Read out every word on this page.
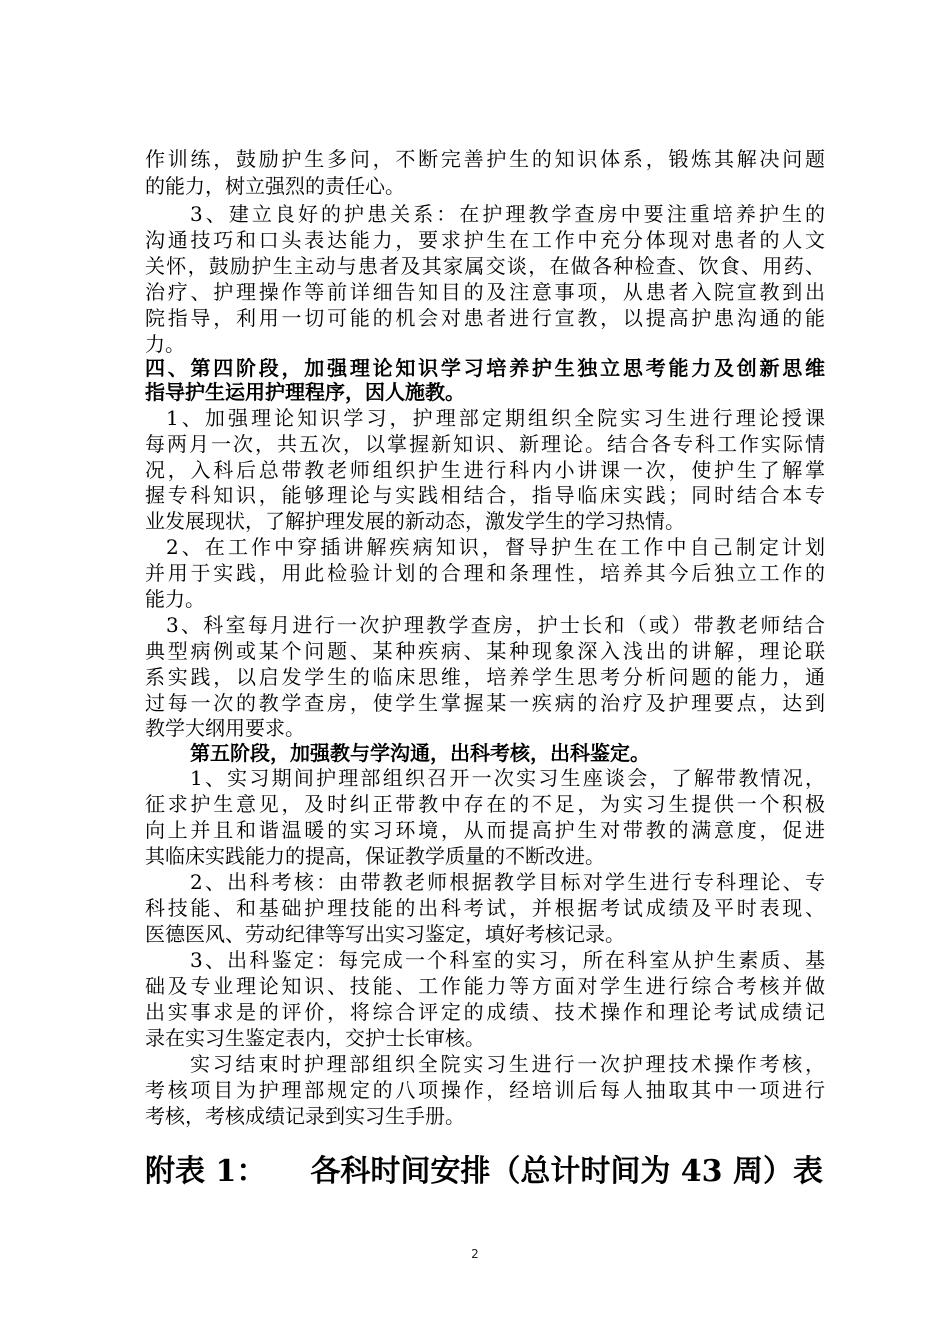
作训练，鼓励护生多问，不断完善护生的知识体系，锻炼其解决问题
的能力，树立强烈的责任心。
3、建立良好的护患关系：在护理教学查房中要注重培养护生的
沟通技巧和口头表达能力，要求护生在工作中充分体现对患者的人文
关怀，鼓励护生主动与患者及其家属交谈，在做各种检查、饮食、用药、
治疗、护理操作等前详细告知目的及注意事项，从患者入院宣教到出
院指导，利用一切可能的机会对患者进行宣教，以提高护患沟通的能
力。
四、第四阶段，加强理论知识学习培养护生独立思考能力及创新思维
指导护生运用护理程序，因人施教。
1、加强理论知识学习，护理部定期组织全院实习生进行理论授课
每两月一次，共五次，以掌握新知识、新理论。结合各专科工作实际情
况，入科后总带教老师组织护生进行科内小讲课一次，使护生了解掌
握专科知识，能够理论与实践相结合，指导临床实践；同时结合本专
业发展现状，了解护理发展的新动态，激发学生的学习热情。
2、在工作中穿插讲解疾病知识，督导护生在工作中自己制定计划
并用于实践，用此检验计划的合理和条理性，培养其今后独立工作的
能力。
3、科室每月进行一次护理教学查房，护士长和（或）带教老师结合
典型病例或某个问题、某种疾病、某种现象深入浅出的讲解，理论联
系实践，以启发学生的临床思维，培养学生思考分析问题的能力，通
过每一次的教学查房，使学生掌握某一疾病的治疗及护理要点，达到
教学大纲用要求。
第五阶段，加强教与学沟通，出科考核，出科鉴定。
1、实习期间护理部组织召开一次实习生座谈会，了解带教情况，
征求护生意见，及时纠正带教中存在的不足，为实习生提供一个积极
向上并且和谐温暖的实习环境，从而提高护生对带教的满意度，促进
其临床实践能力的提高，保证教学质量的不断改进。
2、出科考核：由带教老师根据教学目标对学生进行专科理论、专
科技能、和基础护理技能的出科考试，并根据考试成绩及平时表现、
医德医风、劳动纪律等写出实习鉴定，填好考核记录。
3、出科鉴定：每完成一个科室的实习，所在科室从护生素质、基
础及专业理论知识、技能、工作能力等方面对学生进行综合考核并做
出实事求是的评价，将综合评定的成绩、技术操作和理论考试成绩记
录在实习生鉴定表内，交护士长审核。
实习结束时护理部组织全院实习生进行一次护理技术操作考核，
考核项目为护理部规定的八项操作，经培训后每人抽取其中一项进行
考核，考核成绩记录到实习生手册。
附表 1： 各科时间安排（总计时间为 43 周）表
2
